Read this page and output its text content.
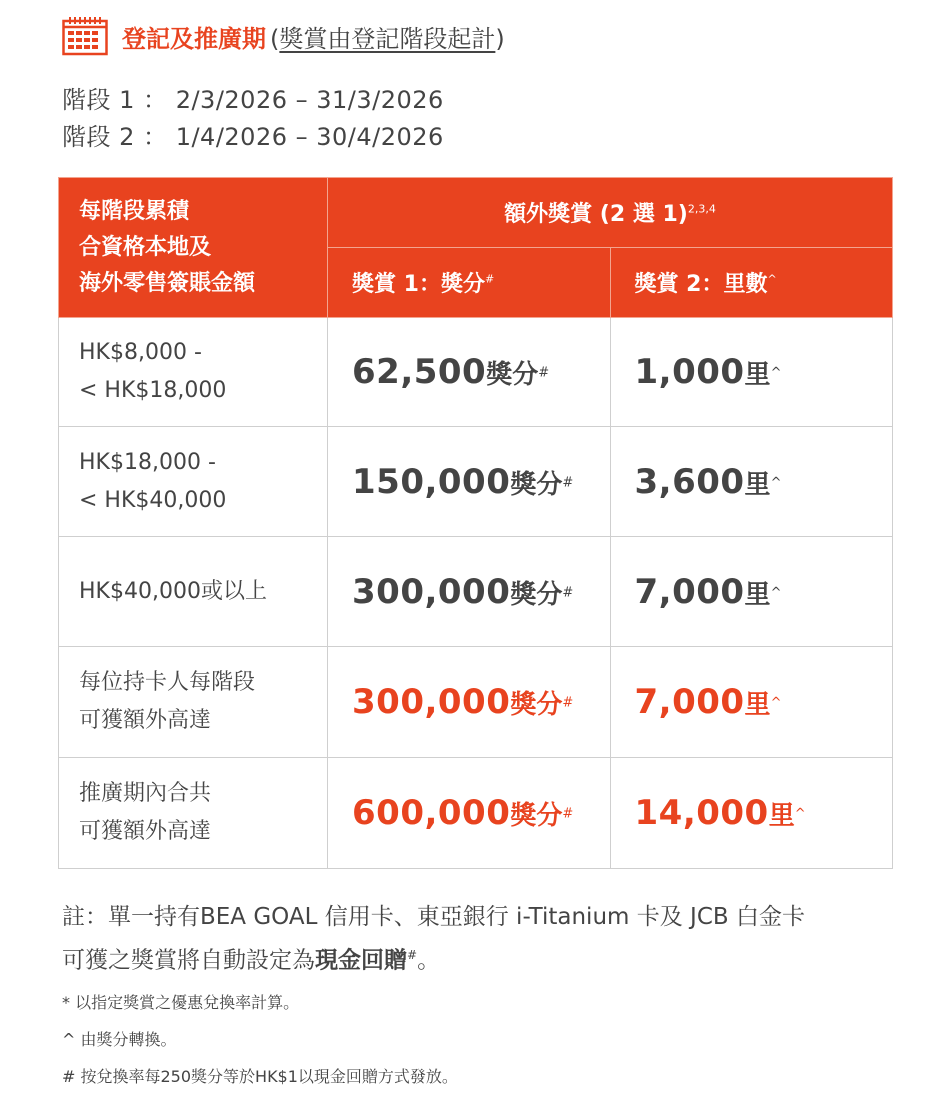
登記及推廣期 (獎賞由登記階段起計)
階段 1 ： 2/3/2026 – 31/3/2026
階段 2 ： 1/4/2026 – 30/4/2026
每階段累積
合資格本地及
海外零售簽賬金額	額外獎賞 (2 選 1)$^{2,3,4}$
	獎賞 1：獎分#	獎賞 2：里數^
HK$8,000 -
< HK$18,000	62,500獎分#	1,000里^
HK$18,000 -
< HK$40,000	150,000獎分#	3,600里^
HK$40,000或以上	300,000獎分#	7,000里^
每位持卡人每階段
可獲額外高達	300,000獎分#	7,000里^
推廣期內合共
可獲額外高達	600,000獎分#	14,000里^
註：單一持有BEA GOAL 信用卡、東亞銀行 i-Titanium 卡及 JCB 白金卡
可獲之獎賞將自動設定為現金回贈#。
* 以指定獎賞之優惠兌換率計算。
^ 由獎分轉換。
# 按兌換率每250獎分等於HK$1以現金回贈方式發放。
